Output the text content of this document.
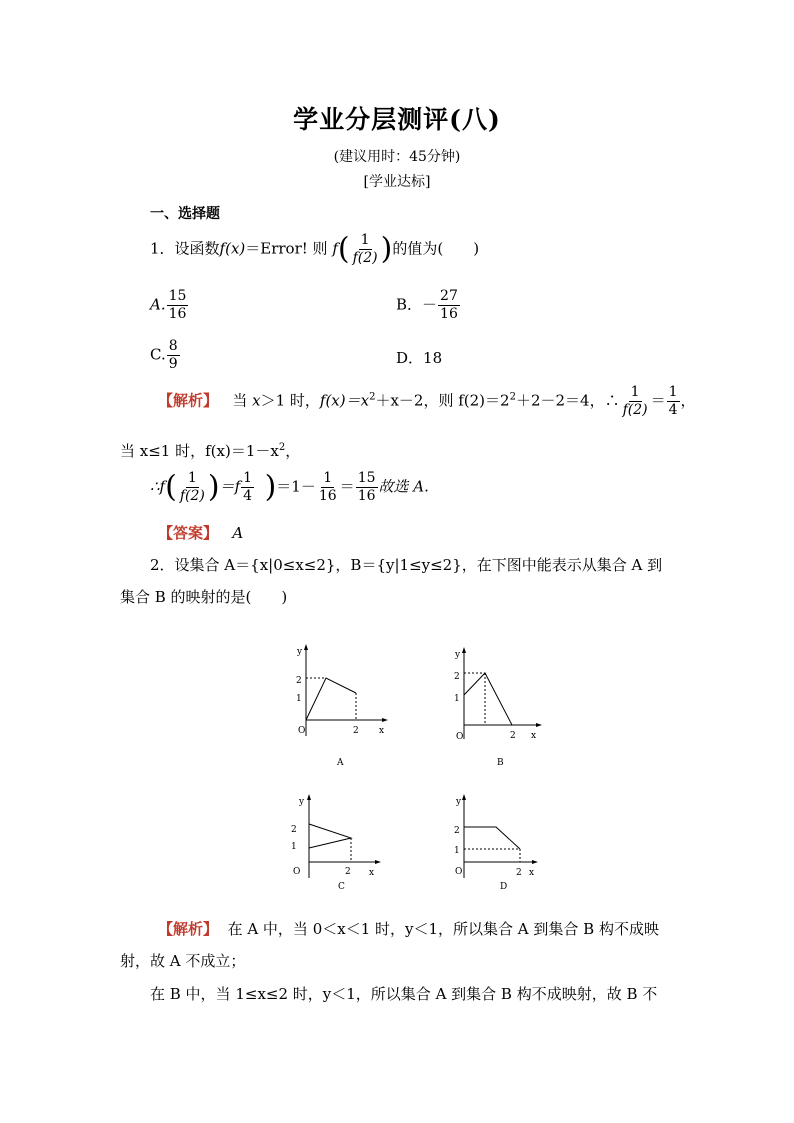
学业分层测评(八)
(建议用时：45分钟)
[学业达标]
一、选择题
1．设函数f(x)＝Error! 则 $f( \frac{1}{f(2)}$ )的值为(　　)
A. $\frac{15}{16}$	B．－ $\frac{27}{16}$
C. $\frac{8}{9}$	D．18
【解析】 当 x＞1 时，$f(x)=x^2+x-2$，则 $f(2)=2^2+2-2=4$，∴ $\frac{1}{f(2)} = \frac{1}{4}$ ，
当 x≤1 时，$f(x)=1-x^2$，
∴f( $\frac{1}{f(2)} )=f \frac{1}{4} )=1- \frac{1}{16} = \frac{15}{16}$ 故选 A.
【答案】 A
2．设集合 A＝{x|0≤x≤2}，B＝{y|1≤y≤2}，在下图中能表示从集合 A 到
集合 B 的映射的是(　　)
y
x
O
2
1
2
A
y
x
O
2
1
2
B
y
x
O
2
1
2
C
y
x
O
2
1
2
D
【解析】 在 A 中，当 0＜x＜1 时，y＜1，所以集合 A 到集合 B 构不成映
射，故 A 不成立；
在 B 中，当 1≤x≤2 时，y＜1，所以集合 A 到集合 B 构不成映射，故 B 不
